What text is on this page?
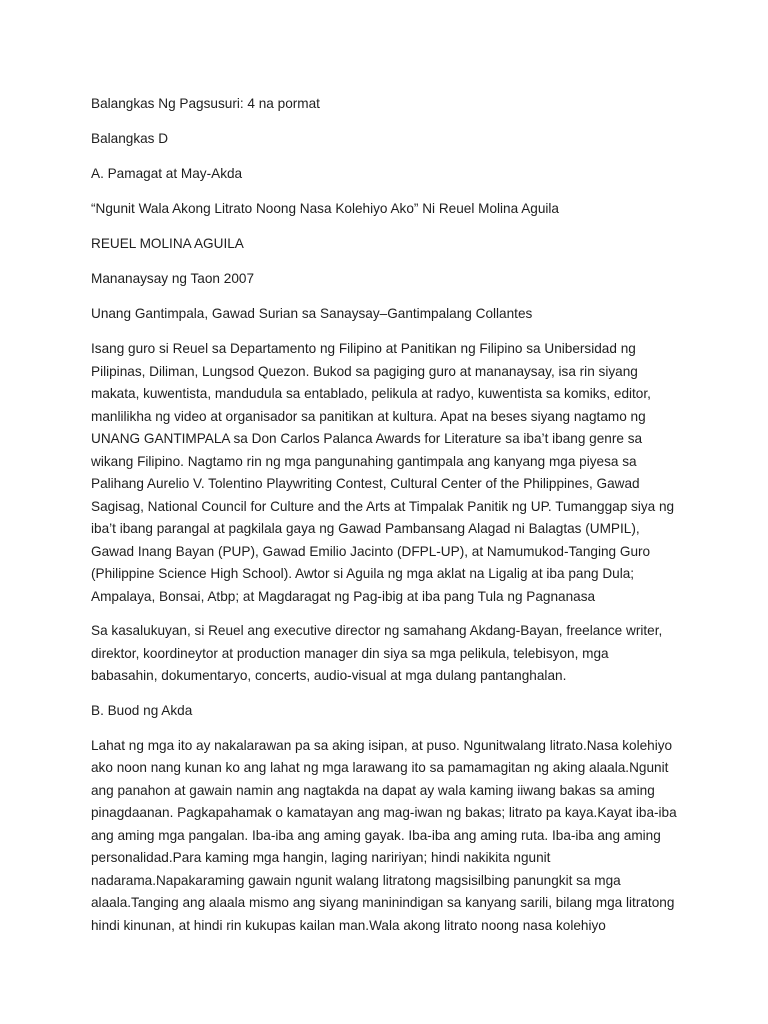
Balangkas Ng Pagsusuri: 4 na pormat
Balangkas D
A. Pamagat at May-Akda
“Ngunit Wala Akong Litrato Noong Nasa Kolehiyo Ako” Ni Reuel Molina Aguila
REUEL MOLINA AGUILA
Mananaysay ng Taon 2007
Unang Gantimpala, Gawad Surian sa Sanaysay–Gantimpalang Collantes
Isang guro si Reuel sa Departamento ng Filipino at Panitikan ng Filipino sa Unibersidad ng
Pilipinas, Diliman, Lungsod Quezon. Bukod sa pagiging guro at mananaysay, isa rin siyang
makata, kuwentista, mandudula sa entablado, pelikula at radyo, kuwentista sa komiks, editor,
manlilikha ng video at organisador sa panitikan at kultura. Apat na beses siyang nagtamo ng
UNANG GANTIMPALA sa Don Carlos Palanca Awards for Literature sa iba’t ibang genre sa
wikang Filipino. Nagtamo rin ng mga pangunahing gantimpala ang kanyang mga piyesa sa
Palihang Aurelio V. Tolentino Playwriting Contest, Cultural Center of the Philippines, Gawad
Sagisag, National Council for Culture and the Arts at Timpalak Panitik ng UP. Tumanggap siya ng
iba’t ibang parangal at pagkilala gaya ng Gawad Pambansang Alagad ni Balagtas (UMPIL),
Gawad Inang Bayan (PUP), Gawad Emilio Jacinto (DFPL-UP), at Namumukod-Tanging Guro
(Philippine Science High School). Awtor si Aguila ng mga aklat na Ligalig at iba pang Dula;
Ampalaya, Bonsai, Atbp; at Magdaragat ng Pag-ibig at iba pang Tula ng Pagnanasa
Sa kasalukuyan, si Reuel ang executive director ng samahang Akdang-Bayan, freelance writer,
direktor, koordineytor at production manager din siya sa mga pelikula, telebisyon, mga
babasahin, dokumentaryo, concerts, audio-visual at mga dulang pantanghalan.
B. Buod ng Akda
Lahat ng mga ito ay nakalarawan pa sa aking isipan, at puso. Ngunitwalang litrato.Nasa kolehiyo
ako noon nang kunan ko ang lahat ng mga larawang ito sa pamamagitan ng aking alaala.Ngunit
ang panahon at gawain namin ang nagtakda na dapat ay wala kaming iiwang bakas sa aming
pinagdaanan. Pagkapahamak o kamatayan ang mag-iwan ng bakas; litrato pa kaya.Kayat iba-iba
ang aming mga pangalan. Iba-iba ang aming gayak. Iba-iba ang aming ruta. Iba-iba ang aming
personalidad.Para kaming mga hangin, laging naririyan; hindi nakikita ngunit
nadarama.Napakaraming gawain ngunit walang litratong magsisilbing panungkit sa mga
alaala.Tanging ang alaala mismo ang siyang maninindigan sa kanyang sarili, bilang mga litratong
hindi kinunan, at hindi rin kukupas kailan man.Wala akong litrato noong nasa kolehiyo
